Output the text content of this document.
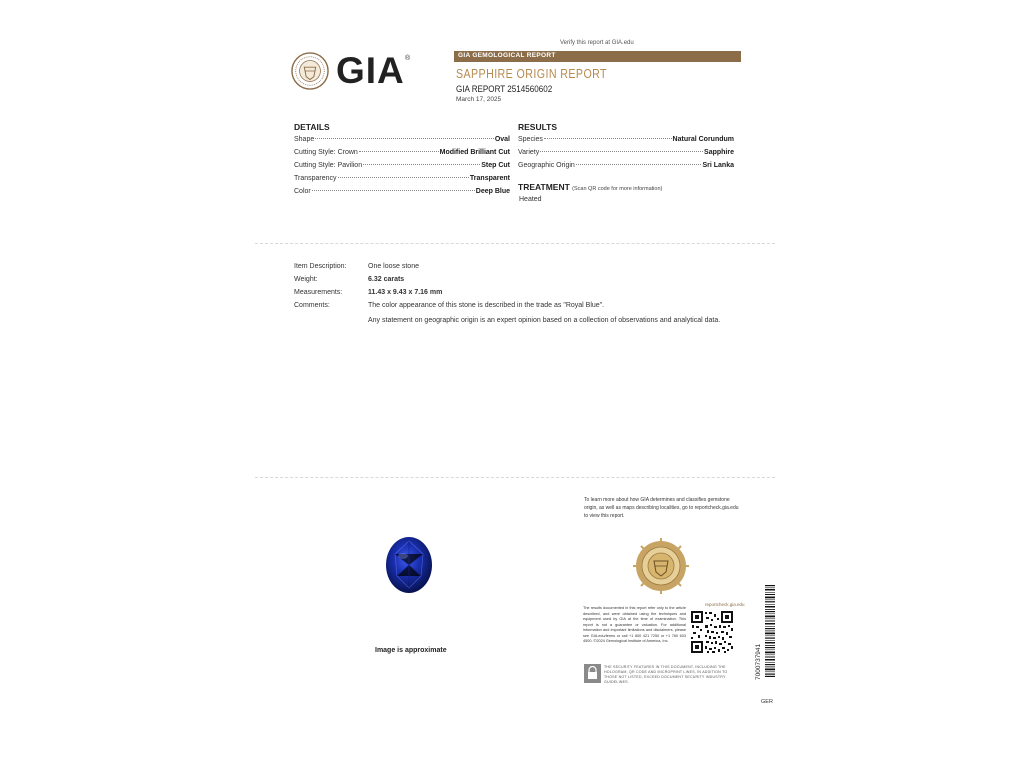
GIA ®
Verify this report at GIA.edu
GIA GEMOLOGICAL REPORT
SAPPHIRE ORIGIN REPORT
GIA REPORT 2514560602
March 17, 2025
DETAILS
Shape	Oval
Cutting Style: Crown	Modified Brilliant Cut
Cutting Style: Pavilion	Step Cut
Transparency	Transparent
Color	Deep Blue
RESULTS
Species	Natural Corundum
Variety	Sapphire
Geographic Origin	Sri Lanka
TREATMENT (Scan QR code for more information)
Heated
Item Description:	One loose stone
Weight:	6.32 carats
Measurements:	11.43 x 9.43 x 7.16 mm
Comments:	The color appearance of this stone is described in the trade as "Royal Blue".
Any statement on geographic origin is an expert opinion based on a collection of observations and analytical data.
Image is approximate
To learn more about how GIA determines and classifies gemstone origin, as well as maps describing localities, go to reportcheck.gia.edu to view this report.
reportcheck.gia.edu
The results documented in this report refer only to the article described, and were obtained using the techniques and equipment used by GIA at the time of examination. This report is not a guarantee or valuation. For additional information and important limitations and disclaimers, please see GIA.edu/terms or call +1 800 421 7250 or +1 760 603 4500. ©2024 Gemological Institute of America, Inc.
THE SECURITY FEATURES IN THIS DOCUMENT, INCLUDING THE HOLOGRAM, QR CODE AND MICROPRINT LINES, IN ADDITION TO THOSE NOT LISTED, EXCEED DOCUMENT SECURITY INDUSTRY GUIDELINES.
7000737941
GER
